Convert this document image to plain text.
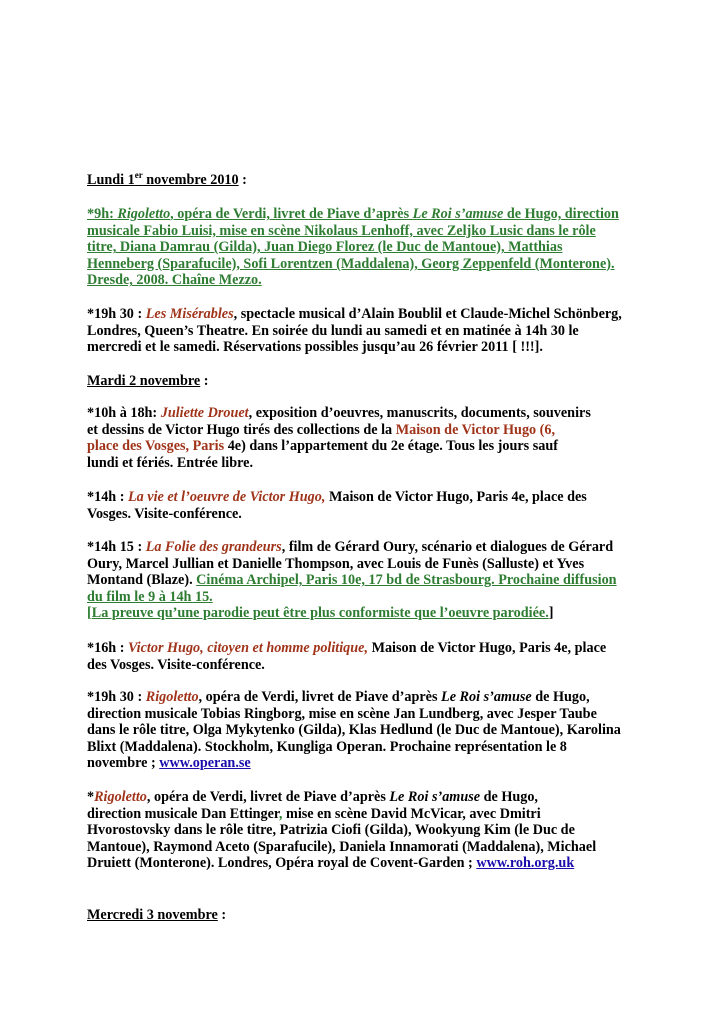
Lundi 1er novembre 2010 :
*9h: Rigoletto, opéra de Verdi, livret de Piave d’après Le Roi s’amuse de Hugo, direction
musicale Fabio Luisi, mise en scène Nikolaus Lenhoff, avec Zeljko Lusic dans le rôle
titre, Diana Damrau (Gilda), Juan Diego Florez (le Duc de Mantoue), Matthias
Henneberg (Sparafucile), Sofi Lorentzen (Maddalena), Georg Zeppenfeld (Monterone).
Dresde, 2008. Chaîne Mezzo.
*19h 30 : Les Misérables, spectacle musical d’Alain Boublil et Claude-Michel Schönberg,
Londres, Queen’s Theatre. En soirée du lundi au samedi et en matinée à 14h 30 le
mercredi et le samedi. Réservations possibles jusqu’au 26 février 2011 [ !!!].
Mardi 2 novembre :
*10h à 18h: Juliette Drouet, exposition d’oeuvres, manuscrits, documents, souvenirs
et dessins de Victor Hugo tirés des collections de la Maison de Victor Hugo (6,
place des Vosges, Paris 4e) dans l’appartement du 2e étage. Tous les jours sauf
lundi et fériés. Entrée libre.
*14h : La vie et l’oeuvre de Victor Hugo, Maison de Victor Hugo, Paris 4e, place des
Vosges. Visite-conférence.
*14h 15 : La Folie des grandeurs, film de Gérard Oury, scénario et dialogues de Gérard
Oury, Marcel Jullian et Danielle Thompson, avec Louis de Funès (Salluste) et Yves
Montand (Blaze). Cinéma Archipel, Paris 10e, 17 bd de Strasbourg. Prochaine diffusion
du film le 9 à 14h 15.
[La preuve qu’une parodie peut être plus conformiste que l’oeuvre parodiée.]
*16h : Victor Hugo, citoyen et homme politique, Maison de Victor Hugo, Paris 4e, place
des Vosges. Visite-conférence.
*19h 30 : Rigoletto, opéra de Verdi, livret de Piave d’après Le Roi s’amuse de Hugo,
direction musicale Tobias Ringborg, mise en scène Jan Lundberg, avec Jesper Taube
dans le rôle titre, Olga Mykytenko (Gilda), Klas Hedlund (le Duc de Mantoue), Karolina
Blixt (Maddalena). Stockholm, Kungliga Operan. Prochaine représentation le 8
novembre ; www.operan.se
*Rigoletto, opéra de Verdi, livret de Piave d’après Le Roi s’amuse de Hugo,
direction musicale Dan Ettinger, mise en scène David McVicar, avec Dmitri
Hvorostovsky dans le rôle titre, Patrizia Ciofi (Gilda), Wookyung Kim (le Duc de
Mantoue), Raymond Aceto (Sparafucile), Daniela Innamorati (Maddalena), Michael
Druiett (Monterone). Londres, Opéra royal de Covent-Garden ; www.roh.org.uk
Mercredi 3 novembre :
